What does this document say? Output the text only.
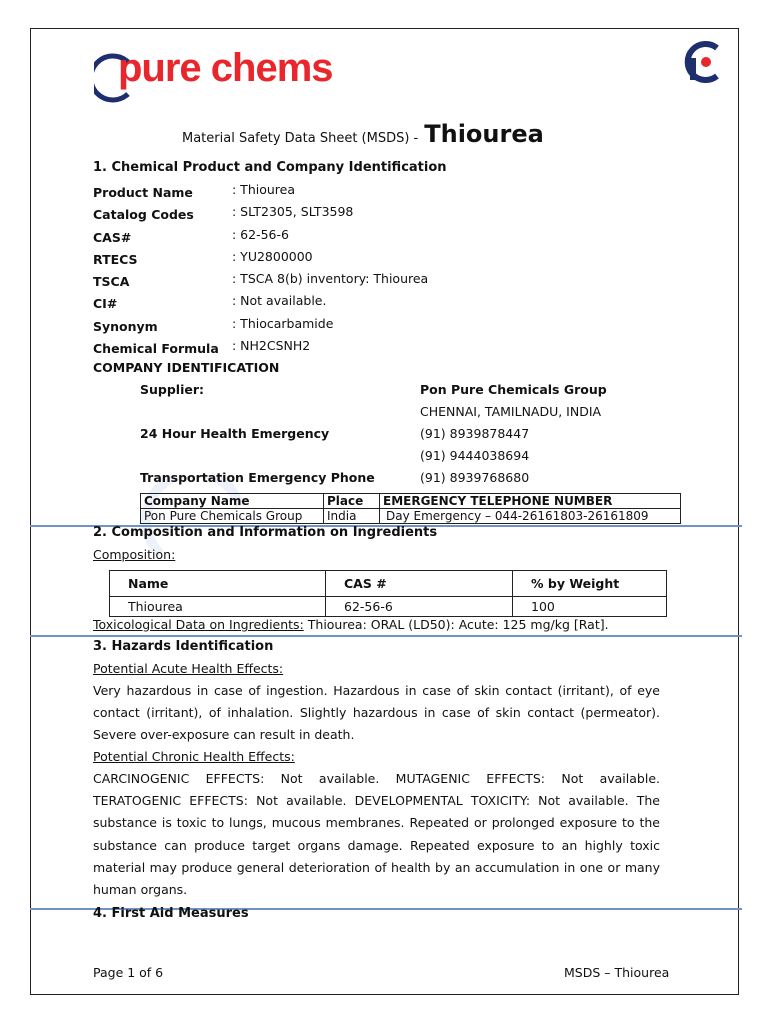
pure chems
Material Safety Data Sheet (MSDS) - Thiourea
1. Chemical Product and Company Identification
Product Name	: Thiourea
Catalog Codes	: SLT2305, SLT3598
CAS#	: 62-56-6
RTECS	: YU2800000
TSCA	: TSCA 8(b) inventory: Thiourea
CI#	: Not available.
Synonym	: Thiocarbamide
Chemical Formula : NH2CSNH2
COMPANY IDENTIFICATION
Supplier:	Pon Pure Chemicals Group
CHENNAI, TAMILNADU, INDIA
24 Hour Health Emergency	(91) 8939878447
(91) 9444038694
Transportation Emergency Phone	(91) 8939768680
Company Name	Place	EMERGENCY TELEPHONE NUMBER
Pon Pure Chemicals Group	India	Day Emergency – 044-26161803-26161809
2. Composition and Information on Ingredients
Composition:
Name	CAS #	% by Weight
Thiourea	62-56-6	100
Toxicological Data on Ingredients: Thiourea: ORAL (LD50): Acute: 125 mg/kg [Rat].
3. Hazards Identification
Potential Acute Health Effects:
Very hazardous in case of ingestion. Hazardous in case of skin contact (irritant), of eye contact (irritant), of inhalation. Slightly hazardous in case of skin contact (permeator). Severe over-exposure can result in death.
Potential Chronic Health Effects:
CARCINOGENIC EFFECTS: Not available. MUTAGENIC EFFECTS: Not available. TERATOGENIC EFFECTS: Not available. DEVELOPMENTAL TOXICITY: Not available. The substance is toxic to lungs, mucous membranes. Repeated or prolonged exposure to the substance can produce target organs damage. Repeated exposure to an highly toxic material may produce general deterioration of health by an accumulation in one or many human organs.
4. First Aid Measures
Page 1 of 6	MSDS – Thiourea
